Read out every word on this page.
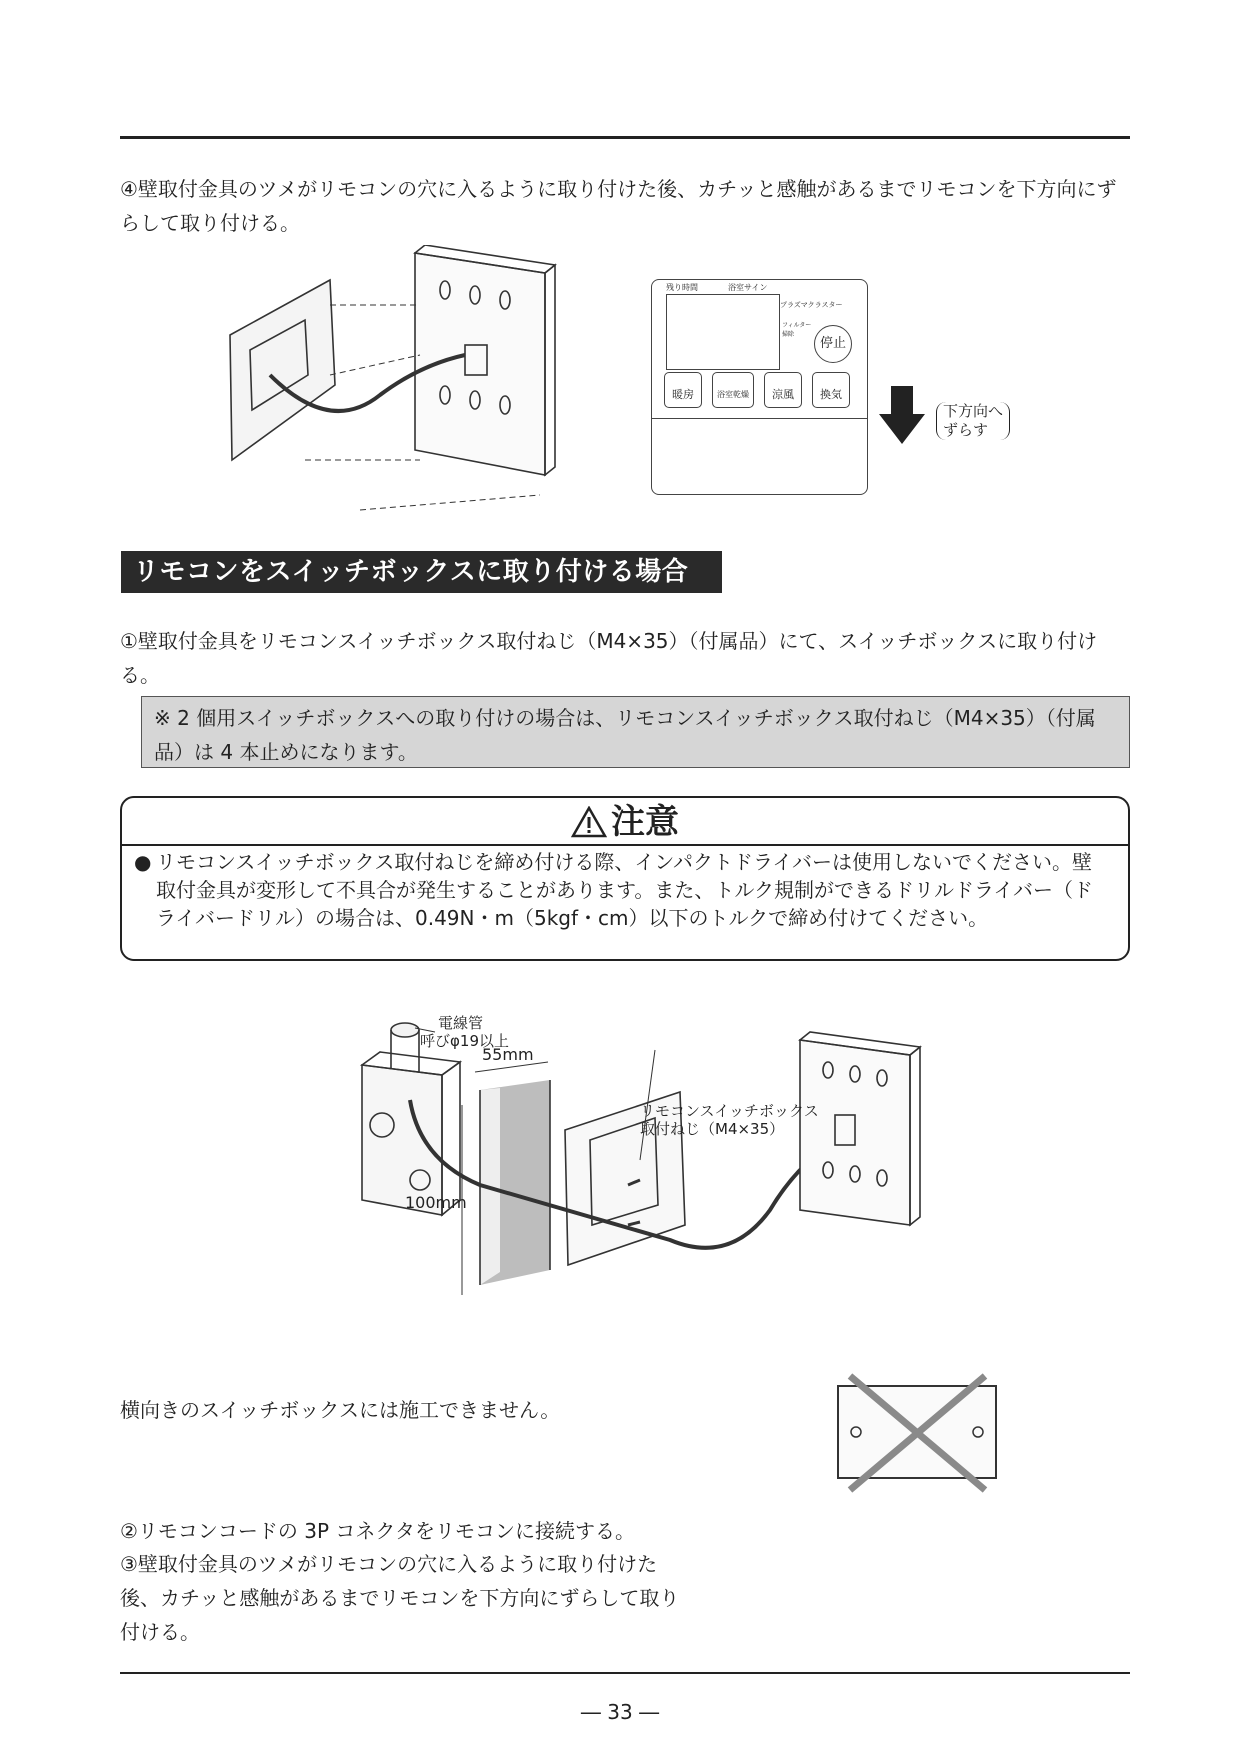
④壁取付金具のツメがリモコンの穴に入るように取り付けた後、カチッと感触があるまでリモコンを下方向にずらして取り付ける。
残り時間	浴室サイン
プラズマクラスター
フィルター
掃除
停止
暖房	浴室乾燥	涼風	換気
下方向へ
ずらす
リモコンをスイッチボックスに取り付ける場合
①壁取付金具をリモコンスイッチボックス取付ねじ（M4×35）（付属品）にて、スイッチボックスに取り付ける。
※ 2 個用スイッチボックスへの取り付けの場合は、リモコンスイッチボックス取付ねじ（M4×35）（付属品）は 4 本止めになります。
注意
● リモコンスイッチボックス取付ねじを締め付ける際、インパクトドライバーは使用しないでください。壁取付金具が変形して不具合が発生することがあります。また、トルク規制ができるドリルドライバー（ドライバードリル）の場合は、0.49N・m（5kgf・cm）以下のトルクで締め付けてください。
電線管
呼びφ19以上
55mm
100mm
リモコンスイッチボックス
取付ねじ（M4×35）
横向きのスイッチボックスには施工できません。
②リモコンコードの 3P コネクタをリモコンに接続する。
③壁取付金具のツメがリモコンの穴に入るように取り付けた後、カチッと感触があるまでリモコンを下方向にずらして取り付ける。
― 33 ―
